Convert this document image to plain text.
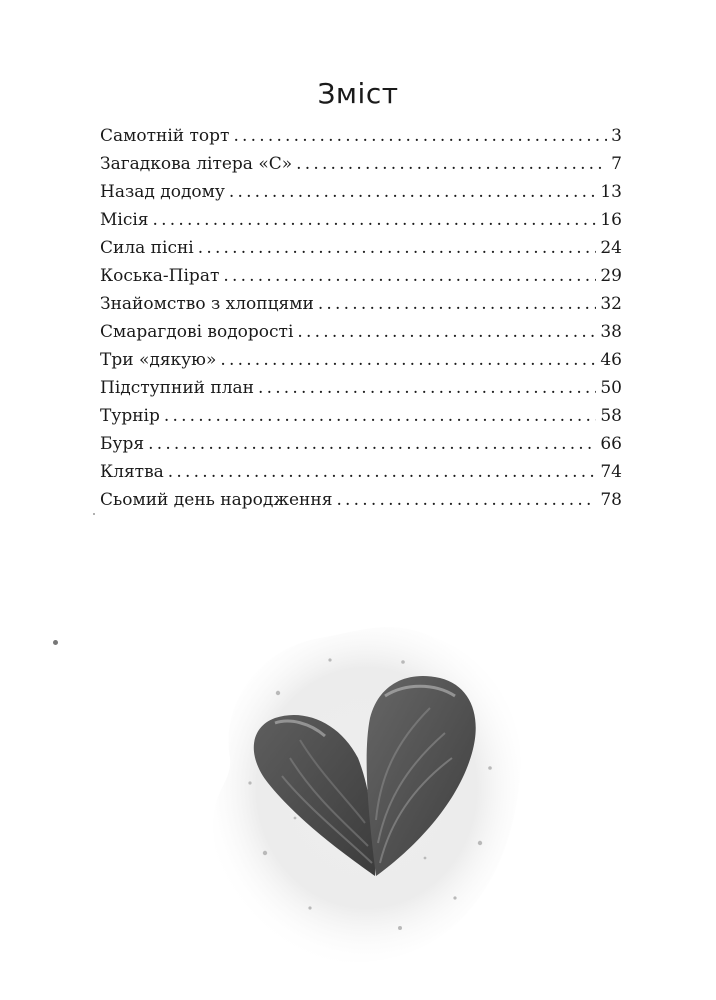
Зміст
Самотній торт .....	3
Загадкова літера «С» .....	7
Назад додому .....	13
Місія .....	16
Сила пісні .....	24
Коська-Пірат .....	29
Знайомство з хлопцями .....	32
Смарагдові водорості .....	38
Три «дякую» .....	46
Підступний план .....	50
Турнір .....	58
Буря .....	66
Клятва .....	74
Сьомий день народження .....	78
